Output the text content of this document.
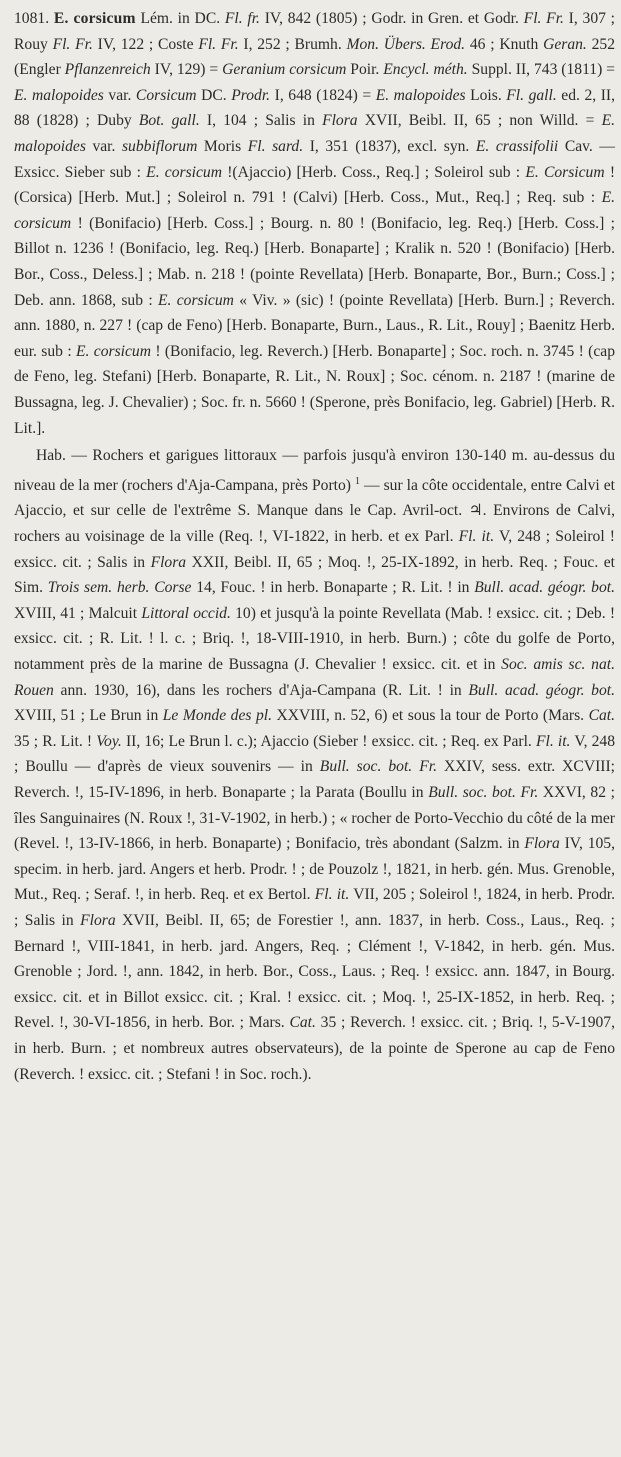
1081. E. corsicum Lém. in DC. Fl. fr. IV, 842 (1805) ; Godr. in Gren. et Godr. Fl. Fr. I, 307 ; Rouy Fl. Fr. IV, 122 ; Coste Fl. Fr. I, 252 ; Brumh. Mon. Übers. Erod. 46 ; Knuth Geran. 252 (Engler Pflanzenreich IV, 129) = Geranium corsicum Poir. Encycl. méth. Suppl. II, 743 (1811) = E. malopoides var. Corsicum DC. Prodr. I, 648 (1824) = E. malopoides Lois. Fl. gall. ed. 2, II, 88 (1828) ; Duby Bot. gall. I, 104 ; Salis in Flora XVII, Beibl. II, 65 ; non Willd. = E. malopoides var. subbiflorum Moris Fl. sard. I, 351 (1837), excl. syn. E. crassifolii Cav. — Exsicc. Sieber sub : E. corsicum !(Ajaccio) [Herb. Coss., Req.] ; Soleirol sub : E. Corsicum ! (Corsica) [Herb. Mut.] ; Soleirol n. 791 ! (Calvi) [Herb. Coss., Mut., Req.] ; Req. sub : E. corsicum ! (Bonifacio) [Herb. Coss.] ; Bourg. n. 80 ! (Bonifacio, leg. Req.) [Herb. Coss.] ; Billot n. 1236 ! (Bonifacio, leg. Req.) [Herb. Bonaparte] ; Kralik n. 520 ! (Bonifacio) [Herb. Bor., Coss., Deless.] ; Mab. n. 218 ! (pointe Revellata) [Herb. Bonaparte, Bor., Burn.; Coss.] ; Deb. ann. 1868, sub : E. corsicum « Viv. » (sic) ! (pointe Revellata) [Herb. Burn.] ; Reverch. ann. 1880, n. 227 ! (cap de Feno) [Herb. Bonaparte, Burn., Laus., R. Lit., Rouy] ; Baenitz Herb. eur. sub : E. corsicum ! (Bonifacio, leg. Reverch.) [Herb. Bonaparte] ; Soc. roch. n. 3745 ! (cap de Feno, leg. Stefani) [Herb. Bonaparte, R. Lit., N. Roux] ; Soc. cénom. n. 2187 ! (marine de Bussagna, leg. J. Chevalier) ; Soc. fr. n. 5660 ! (Sperone, près Bonifacio, leg. Gabriel) [Herb. R. Lit.].

Hab. — Rochers et garigues littoraux — parfois jusqu'à environ 130-140 m. au-dessus du niveau de la mer (rochers d'Aja-Campana, près Porto) $^1$ — sur la côte occidentale, entre Calvi et Ajaccio, et sur celle de l'extrême S. Manque dans le Cap. Avril-oct. ♃. Environs de Calvi, rochers au voisinage de la ville (Req. !, VI-1822, in herb. et ex Parl. Fl. it. V, 248 ; Soleirol ! exsicc. cit. ; Salis in Flora XXII, Beibl. II, 65 ; Moq. !, 25-IX-1892, in herb. Req. ; Fouc. et Sim. Trois sem. herb. Corse 14, Fouc. ! in herb. Bonaparte ; R. Lit. ! in Bull. acad. géogr. bot. XVIII, 41 ; Malcuit Littoral occid. 10) et jusqu'à la pointe Revellata (Mab. ! exsicc. cit. ; Deb. ! exsicc. cit. ; R. Lit. ! l. c. ; Briq. !, 18-VIII-1910, in herb. Burn.) ; côte du golfe de Porto, notamment près de la marine de Bussagna (J. Chevalier ! exsicc. cit. et in Soc. amis sc. nat. Rouen ann. 1930, 16), dans les rochers d'Aja-Campana (R. Lit. ! in Bull. acad. géogr. bot. XVIII, 51 ; Le Brun in Le Monde des pl. XXVIII, n. 52, 6) et sous la tour de Porto (Mars. Cat. 35 ; R. Lit. ! Voy. II, 16; Le Brun l. c.); Ajaccio (Sieber ! exsicc. cit. ; Req. ex Parl. Fl. it. V, 248 ; Boullu — d'après de vieux souvenirs — in Bull. soc. bot. Fr. XXIV, sess. extr. XCVIII; Reverch. !, 15-IV-1896, in herb. Bonaparte ; la Parata (Boullu in Bull. soc. bot. Fr. XXVI, 82 ; îles Sanguinaires (N. Roux !, 31-V-1902, in herb.) ; « rocher de Porto-Vecchio du côté de la mer (Revel. !, 13-IV-1866, in herb. Bonaparte) ; Bonifacio, très abondant (Salzm. in Flora IV, 105, specim. in herb. jard. Angers et herb. Prodr. ! ; de Pouzolz !, 1821, in herb. gén. Mus. Grenoble, Mut., Req. ; Seraf. !, in herb. Req. et ex Bertol. Fl. it. VII, 205 ; Soleirol !, 1824, in herb. Prodr. ; Salis in Flora XVII, Beibl. II, 65; de Forestier !, ann. 1837, in herb. Coss., Laus., Req. ; Bernard !, VIII-1841, in herb. jard. Angers, Req. ; Clément !, V-1842, in herb. gén. Mus. Grenoble ; Jord. !, ann. 1842, in herb. Bor., Coss., Laus. ; Req. ! exsicc. ann. 1847, in Bourg. exsicc. cit. et in Billot exsicc. cit. ; Kral. ! exsicc. cit. ; Moq. !, 25-IX-1852, in herb. Req. ; Revel. !, 30-VI-1856, in herb. Bor. ; Mars. Cat. 35 ; Reverch. ! exsicc. cit. ; Briq. !, 5-V-1907, in herb. Burn. ; et nombreux autres observateurs), de la pointe de Sperone au cap de Feno (Reverch. ! exsicc. cit. ; Stefani ! in Soc. roch.).
